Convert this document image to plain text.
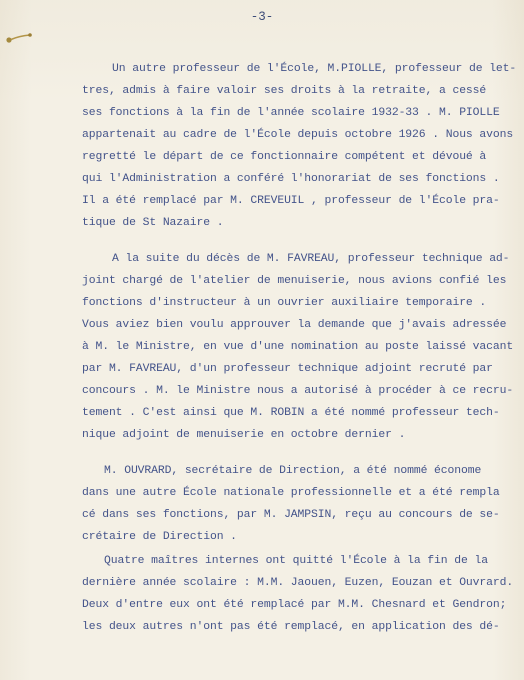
-3-

Un autre professeur de l'École, M.PIOLLE, professeur de let-

tres, admis à faire valoir ses droits à la retraite, a cessé

ses fonctions à la fin de l'année scolaire 1932-33 . M. PIOLLE

appartenait au cadre de l'École depuis octobre 1926 . Nous avons

regretté le départ de ce fonctionnaire compétent et dévoué à

qui l'Administration a conféré l'honorariat de ses fonctions .

Il a été remplacé par M. CREVEUIL , professeur de l'École pra-

tique de St Nazaire .

A la suite du décès de M. FAVREAU, professeur technique ad-

joint chargé de l'atelier de menuiserie, nous avions confié les

fonctions d'instructeur à un ouvrier auxiliaire temporaire .

Vous aviez bien voulu approuver la demande que j'avais adressée

à M. le Ministre, en vue d'une nomination au poste laissé vacant

par M. FAVREAU, d'un professeur technique adjoint recruté par

concours . M. le Ministre nous a autorisé à procéder à ce recru-

tement . C'est ainsi que M. ROBIN a été nommé professeur tech-

nique adjoint de menuiserie en octobre dernier .

M. OUVRARD, secrétaire de Direction, a été nommé économe

dans une autre École nationale professionnelle et a été rempla

cé dans ses fonctions, par M. JAMPSIN, reçu au concours de se-

crétaire de Direction .

Quatre maîtres internes ont quitté l'École à la fin de la

dernière année scolaire : M.M. Jaouen, Euzen, Eouzan et Ouvrard.

Deux d'entre eux ont été remplacé par M.M. Chesnard et Gendron;

les deux autres n'ont pas été remplacé, en application des dé-
